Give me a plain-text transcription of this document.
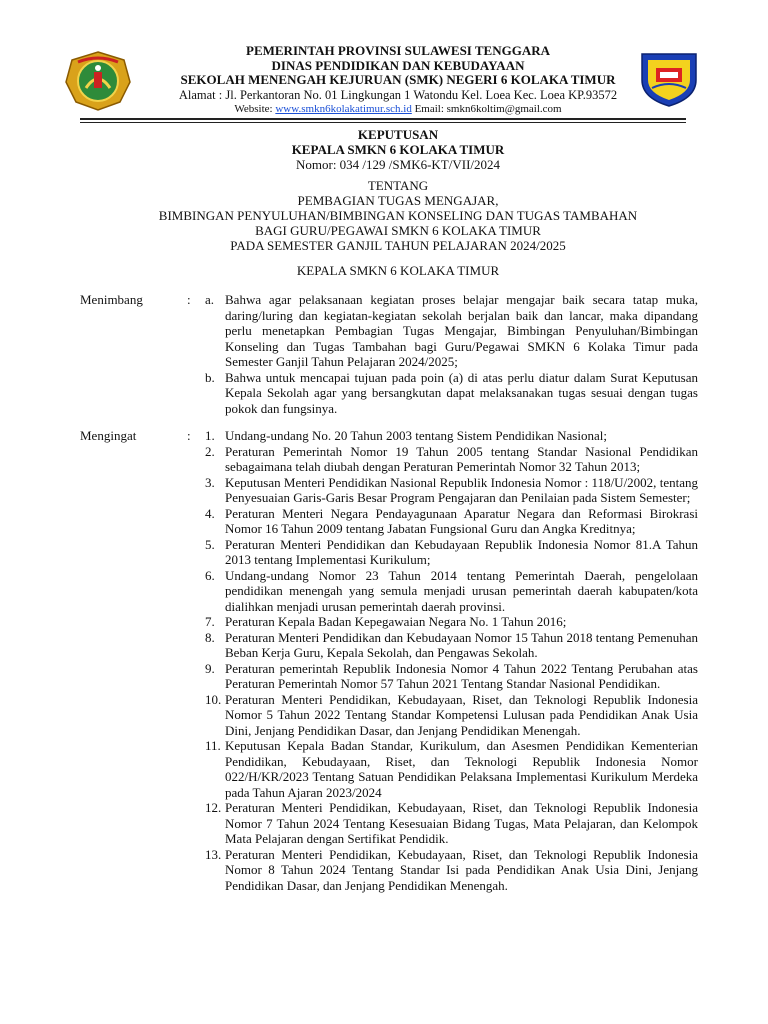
PEMERINTAH PROVINSI SULAWESI TENGGARA
DINAS PENDIDIKAN DAN KEBUDAYAAN
SEKOLAH MENENGAH KEJURUAN (SMK) NEGERI 6 KOLAKA TIMUR
Alamat : Jl. Perkantoran No. 01 Lingkungan 1 Watondu Kel. Loea Kec. Loea KP.93572
Website: www.smkn6kolakatimur.sch.id Email: smkn6koltim@gmail.com
KEPUTUSAN
KEPALA SMKN 6 KOLAKA TIMUR
Nomor: 034 /129 /SMK6-KT/VII/2024
TENTANG
PEMBAGIAN TUGAS MENGAJAR,
BIMBINGAN PENYULUHAN/BIMBINGAN KONSELING DAN TUGAS TAMBAHAN
BAGI GURU/PEGAWAI SMKN 6 KOLAKA TIMUR
PADA SEMESTER GANJIL TAHUN PELAJARAN 2024/2025
KEPALA SMKN 6 KOLAKA TIMUR
Menimbang	:	a. Bahwa agar pelaksanaan kegiatan proses belajar mengajar baik secara tatap muka, daring/luring dan kegiatan-kegiatan sekolah berjalan baik dan lancar, maka dipandang perlu menetapkan Pembagian Tugas Mengajar, Bimbingan Penyuluhan/Bimbingan Konseling dan Tugas Tambahan bagi Guru/Pegawai SMKN 6 Kolaka Timur pada Semester Ganjil Tahun Pelajaran 2024/2025;
b. Bahwa untuk mencapai tujuan pada poin (a) di atas perlu diatur dalam Surat Keputusan Kepala Sekolah agar yang bersangkutan dapat melaksanakan tugas sesuai dengan tugas pokok dan fungsinya.
Mengingat	:	1. Undang-undang No. 20 Tahun 2003 tentang Sistem Pendidikan Nasional;
2. Peraturan Pemerintah Nomor 19 Tahun 2005 tentang Standar Nasional Pendidikan sebagaimana telah diubah dengan Peraturan Pemerintah Nomor 32 Tahun 2013;
3. Keputusan Menteri Pendidikan Nasional Republik Indonesia Nomor : 118/U/2002, tentang Penyesuaian Garis-Garis Besar Program Pengajaran dan Penilaian pada Sistem Semester;
4. Peraturan Menteri Negara Pendayagunaan Aparatur Negara dan Reformasi Birokrasi Nomor 16 Tahun 2009 tentang Jabatan Fungsional Guru dan Angka Kreditnya;
5. Peraturan Menteri Pendidikan dan Kebudayaan Republik Indonesia Nomor 81.A Tahun 2013 tentang Implementasi Kurikulum;
6. Undang-undang Nomor 23 Tahun 2014 tentang Pemerintah Daerah, pengelolaan pendidikan menengah yang semula menjadi urusan pemerintah daerah kabupaten/kota dialihkan menjadi urusan pemerintah daerah provinsi.
7. Peraturan Kepala Badan Kepegawaian Negara No. 1 Tahun 2016;
8. Peraturan Menteri Pendidikan dan Kebudayaan Nomor 15 Tahun 2018 tentang Pemenuhan Beban Kerja Guru, Kepala Sekolah, dan Pengawas Sekolah.
9. Peraturan pemerintah Republik Indonesia Nomor 4 Tahun 2022 Tentang Perubahan atas Peraturan Pemerintah Nomor 57 Tahun 2021 Tentang Standar Nasional Pendidikan.
10. Peraturan Menteri Pendidikan, Kebudayaan, Riset, dan Teknologi Republik Indonesia Nomor 5 Tahun 2022 Tentang Standar Kompetensi Lulusan pada Pendidikan Anak Usia Dini, Jenjang Pendidikan Dasar, dan Jenjang Pendidikan Menengah.
11. Keputusan Kepala Badan Standar, Kurikulum, dan Asesmen Pendidikan Kementerian Pendidikan, Kebudayaan, Riset, dan Teknologi Republik Indonesia Nomor 022/H/KR/2023 Tentang Satuan Pendidikan Pelaksana Implementasi Kurikulum Merdeka pada Tahun Ajaran 2023/2024
12. Peraturan Menteri Pendidikan, Kebudayaan, Riset, dan Teknologi Republik Indonesia Nomor 7 Tahun 2024 Tentang Kesesuaian Bidang Tugas, Mata Pelajaran, dan Kelompok Mata Pelajaran dengan Sertifikat Pendidik.
13. Peraturan Menteri Pendidikan, Kebudayaan, Riset, dan Teknologi Republik Indonesia Nomor 8 Tahun 2024 Tentang Standar Isi pada Pendidikan Anak Usia Dini, Jenjang Pendidikan Dasar, dan Jenjang Pendidikan Menengah.
